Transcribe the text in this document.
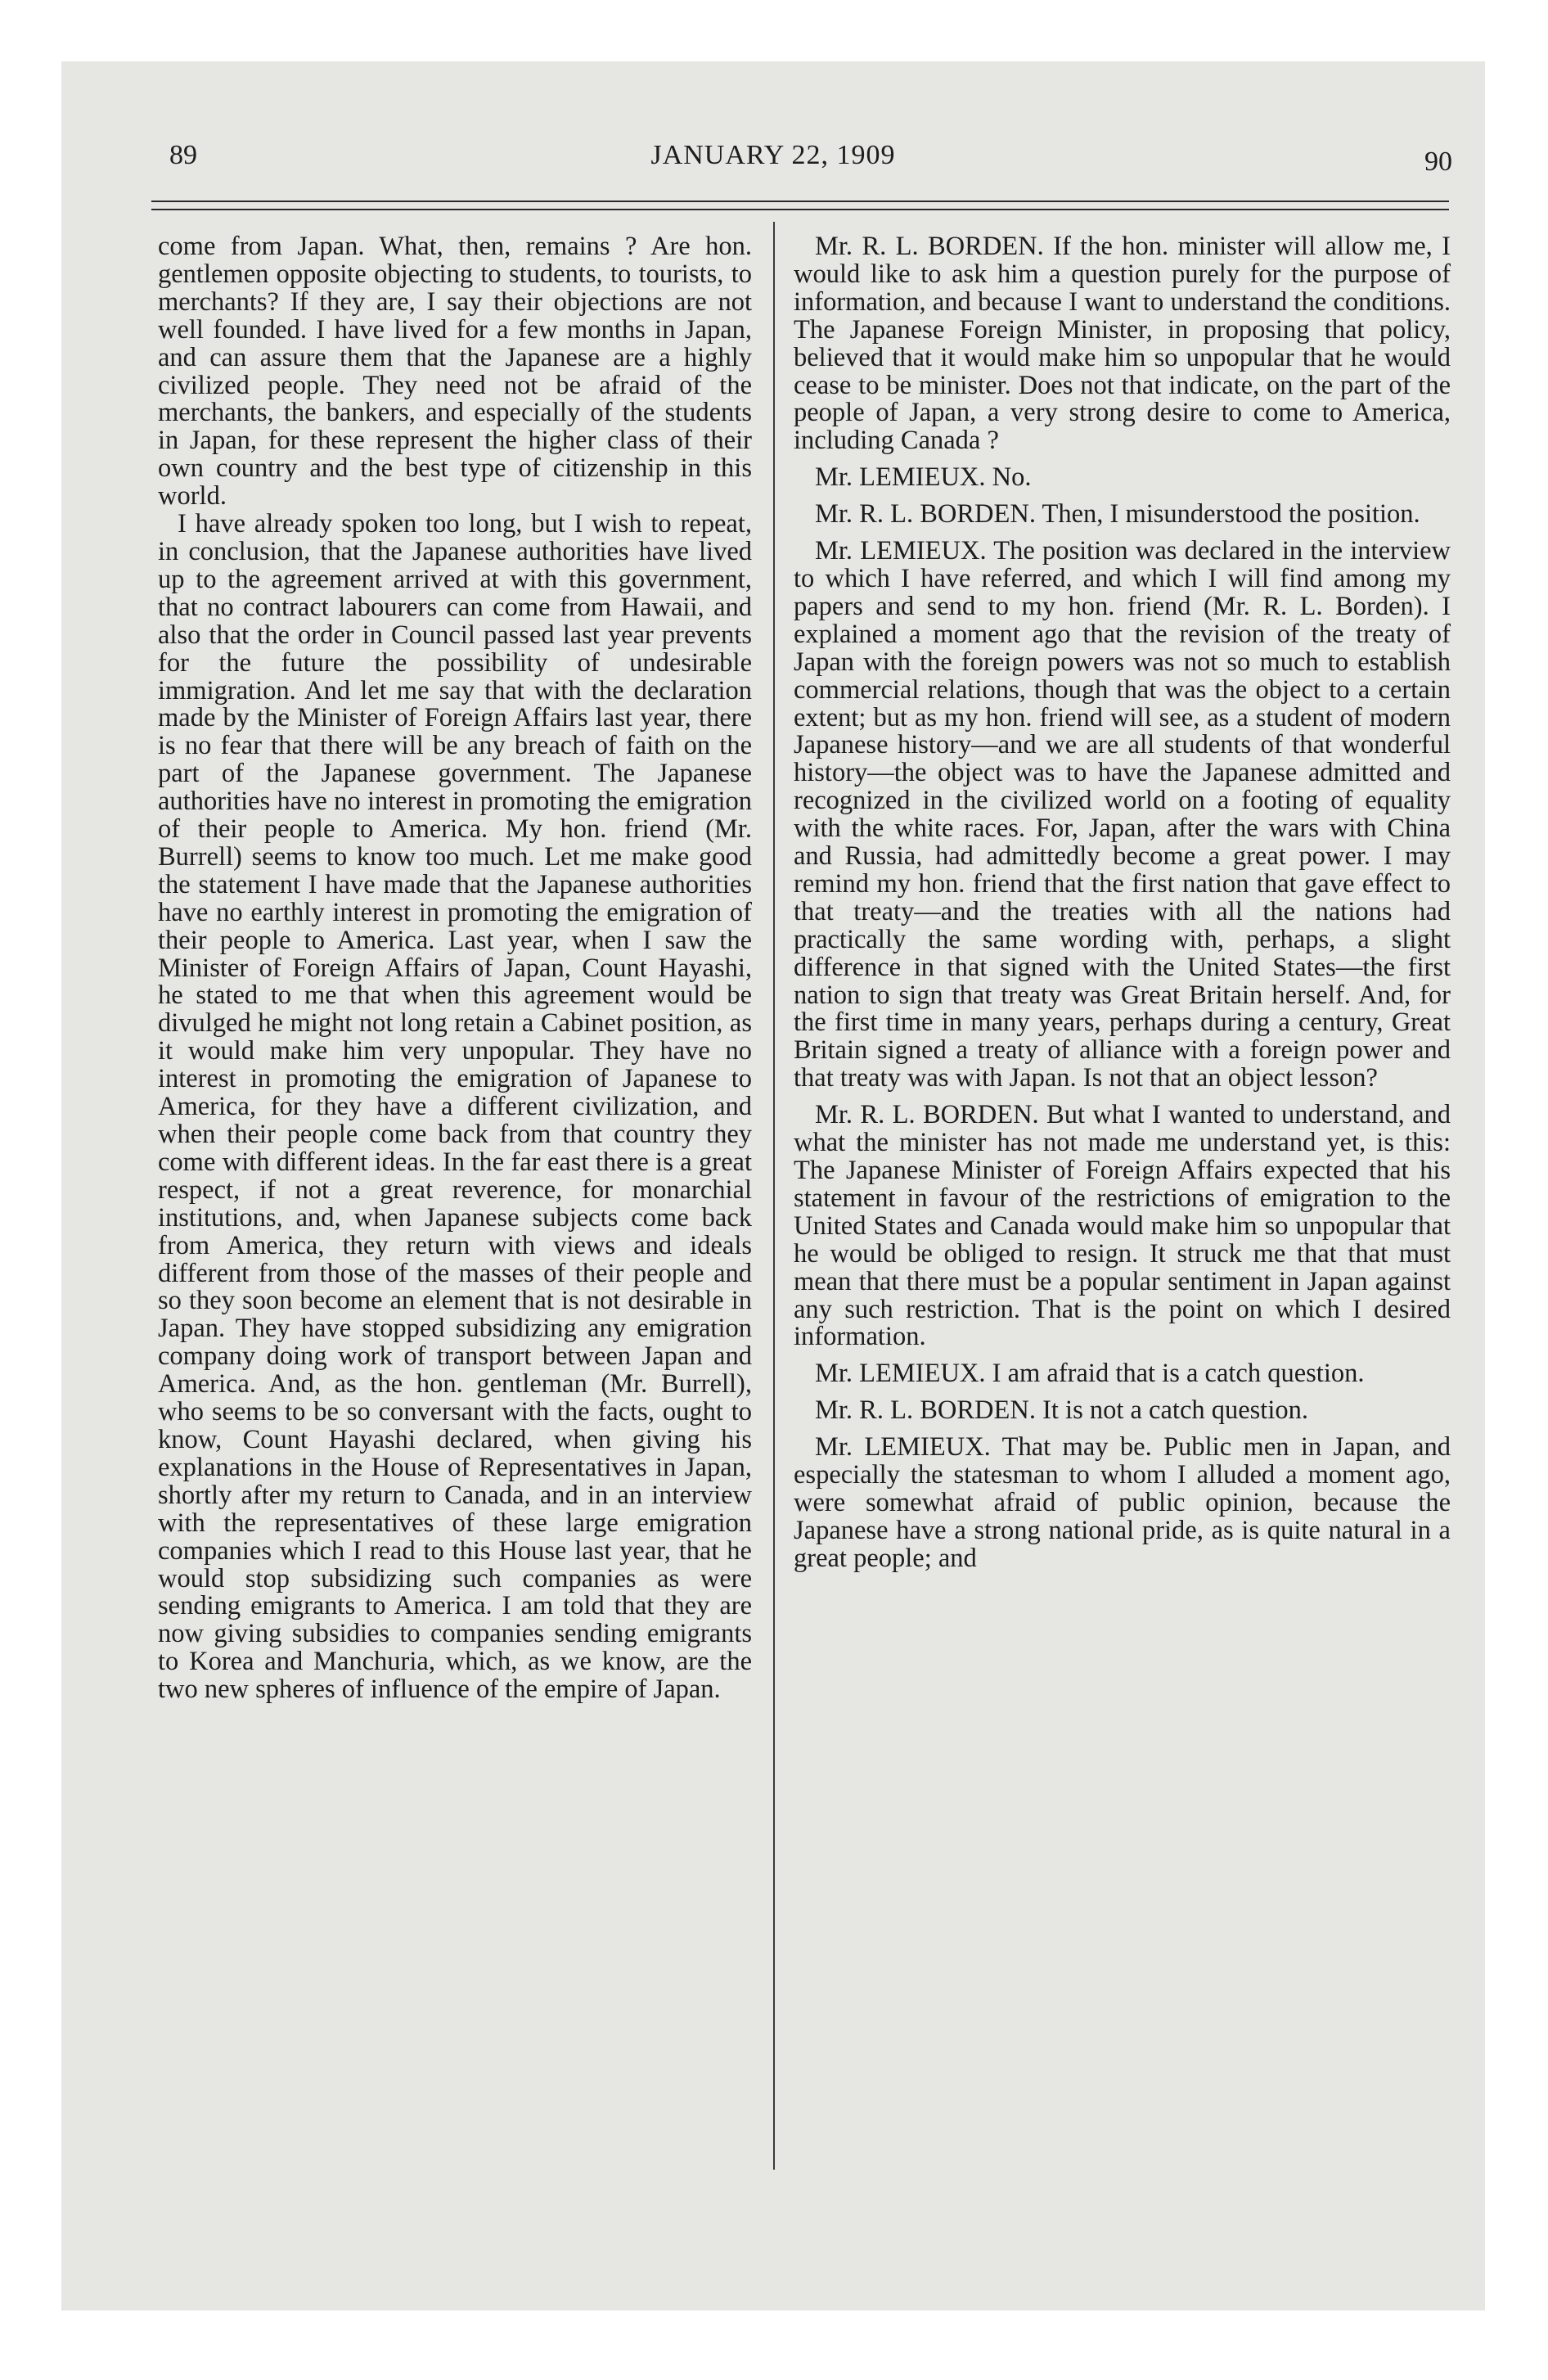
89	JANUARY 22, 1909	90

come from Japan. What, then, remains ? Are hon. gentlemen opposite objecting to students, to tourists, to merchants? If they are, I say their objections are not well founded. I have lived for a few months in Japan, and can assure them that the Japanese are a highly civilized people. They need not be afraid of the merchants, the bankers, and especially of the students in Japan, for these represent the higher class of their own country and the best type of citizenship in this world.

I have already spoken too long, but I wish to repeat, in conclusion, that the Japanese authorities have lived up to the agreement arrived at with this government, that no contract labourers can come from Hawaii, and also that the order in Council passed last year prevents for the future the possibility of undesirable immigration. And let me say that with the declaration made by the Minister of Foreign Affairs last year, there is no fear that there will be any breach of faith on the part of the Japanese government. The Japanese authorities have no interest in promoting the emigration of their people to America. My hon. friend (Mr. Burrell) seems to know too much. Let me make good the statement I have made that the Japanese authorities have no earthly interest in promoting the emigration of their people to America. Last year, when I saw the Minister of Foreign Affairs of Japan, Count Hayashi, he stated to me that when this agreement would be divulged he might not long retain a Cabinet position, as it would make him very unpopular. They have no interest in promoting the emigration of Japanese to America, for they have a different civilization, and when their people come back from that country they come with different ideas. In the far east there is a great respect, if not a great reverence, for monarchial institutions, and, when Japanese subjects come back from America, they return with views and ideals different from those of the masses of their people and so they soon become an element that is not desirable in Japan. They have stopped subsidizing any emigration company doing work of transport between Japan and America. And, as the hon. gentleman (Mr. Burrell), who seems to be so conversant with the facts, ought to know, Count Hayashi declared, when giving his explanations in the House of Representatives in Japan, shortly after my return to Canada, and in an interview with the representatives of these large emigration companies which I read to this House last year, that he would stop subsidizing such companies as were sending emigrants to America. I am told that they are now giving subsidies to companies sending emigrants to Korea and Manchuria, which, as we know, are the two new spheres of influence of the empire of Japan.

Mr. R. L. BORDEN. If the hon. minister will allow me, I would like to ask him a question purely for the purpose of information, and because I want to understand the conditions. The Japanese Foreign Minister, in proposing that policy, believed that it would make him so unpopular that he would cease to be minister. Does not that indicate, on the part of the people of Japan, a very strong desire to come to America, including Canada ?

Mr. LEMIEUX. No.

Mr. R. L. BORDEN. Then, I misunderstood the position.

Mr. LEMIEUX. The position was declared in the interview to which I have referred, and which I will find among my papers and send to my hon. friend (Mr. R. L. Borden). I explained a moment ago that the revision of the treaty of Japan with the foreign powers was not so much to establish commercial relations, though that was the object to a certain extent; but as my hon. friend will see, as a student of modern Japanese history—and we are all students of that wonderful history—the object was to have the Japanese admitted and recognized in the civilized world on a footing of equality with the white races. For, Japan, after the wars with China and Russia, had admittedly become a great power. I may remind my hon. friend that the first nation that gave effect to that treaty—and the treaties with all the nations had practically the same wording with, perhaps, a slight difference in that signed with the United States—the first nation to sign that treaty was Great Britain herself. And, for the first time in many years, perhaps during a century, Great Britain signed a treaty of alliance with a foreign power and that treaty was with Japan. Is not that an object lesson?

Mr. R. L. BORDEN. But what I wanted to understand, and what the minister has not made me understand yet, is this: The Japanese Minister of Foreign Affairs expected that his statement in favour of the restrictions of emigration to the United States and Canada would make him so unpopular that he would be obliged to resign. It struck me that that must mean that there must be a popular sentiment in Japan against any such restriction. That is the point on which I desired information.

Mr. LEMIEUX. I am afraid that is a catch question.

Mr. R. L. BORDEN. It is not a catch question.

Mr. LEMIEUX. That may be. Public men in Japan, and especially the statesman to whom I alluded a moment ago, were somewhat afraid of public opinion, because the Japanese have a strong national pride, as is quite natural in a great people; and
